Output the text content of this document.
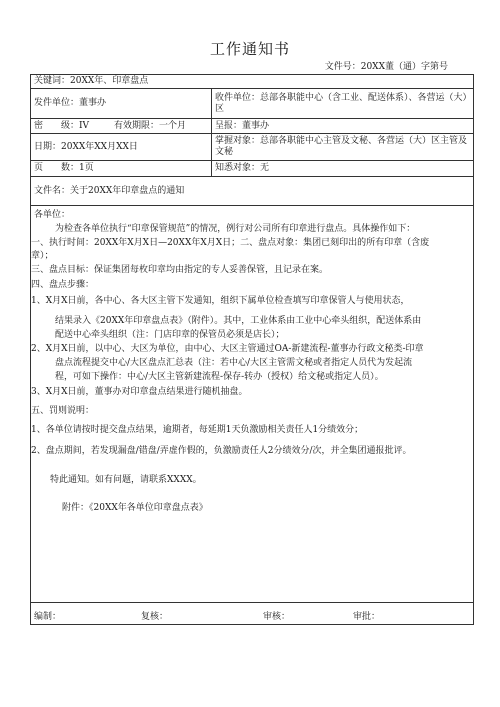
工作通知书
文件号：20XX董（通）字第号
关键词：20XX年、印章盘点
发件单位：董事办
收件单位：总部各职能中心（含工业、配送体系）、各营运（大）区
密　　级：IV	有效期限：一个月	呈报：董事办
日期：20XX年XX月XX日
掌握对象：总部各职能中心主管及文秘、各营运（大）区主管及文秘
页　　数：1页	知悉对象：无
文件名：关于20XX年印章盘点的通知
各单位：
为检查各单位执行“印章保管规范”的情况，例行对公司所有印章进行盘点。具体操作如下：
一、执行时间：20XX年X月X日—20XX年X月X日；二、盘点对象：集团已刻印出的所有印章（含废
章）；
三、盘点目标：保证集团每枚印章均由指定的专人妥善保管，且记录在案。
四、盘点步骤：
1、X月X日前，各中心、各大区主管下发通知，组织下属单位检查填写印章保管人与使用状态，
结果录入《20XX年印章盘点表》（附件）。其中，工业体系由工业中心牵头组织，配送体系由
配送中心牵头组织（注：门店印章的保管员必须是店长）；
2、X月X日前，以中心、大区为单位，由中心、大区主管通过OA-新建流程-董事办行政文秘类-印章
盘点流程提交中心/大区盘点汇总表（注：若中心/大区主管需文秘或者指定人员代为发起流
程，可如下操作：中心/大区主管新建流程-保存-转办（授权）给文秘或指定人员）。
3、X月X日前，董事办对印章盘点结果进行随机抽盘。
五、罚则说明：
1、各单位请按时提交盘点结果，逾期者，每延期1天负激励相关责任人1分绩效分；
2、盘点期间，若发现漏盘/错盘/弄虚作假的，负激励责任人2分绩效分/次，并全集团通报批评。
特此通知。如有问题，请联系XXXX。
附件：《20XX年各单位印章盘点表》
编制：	复核：	审核：	审批：
